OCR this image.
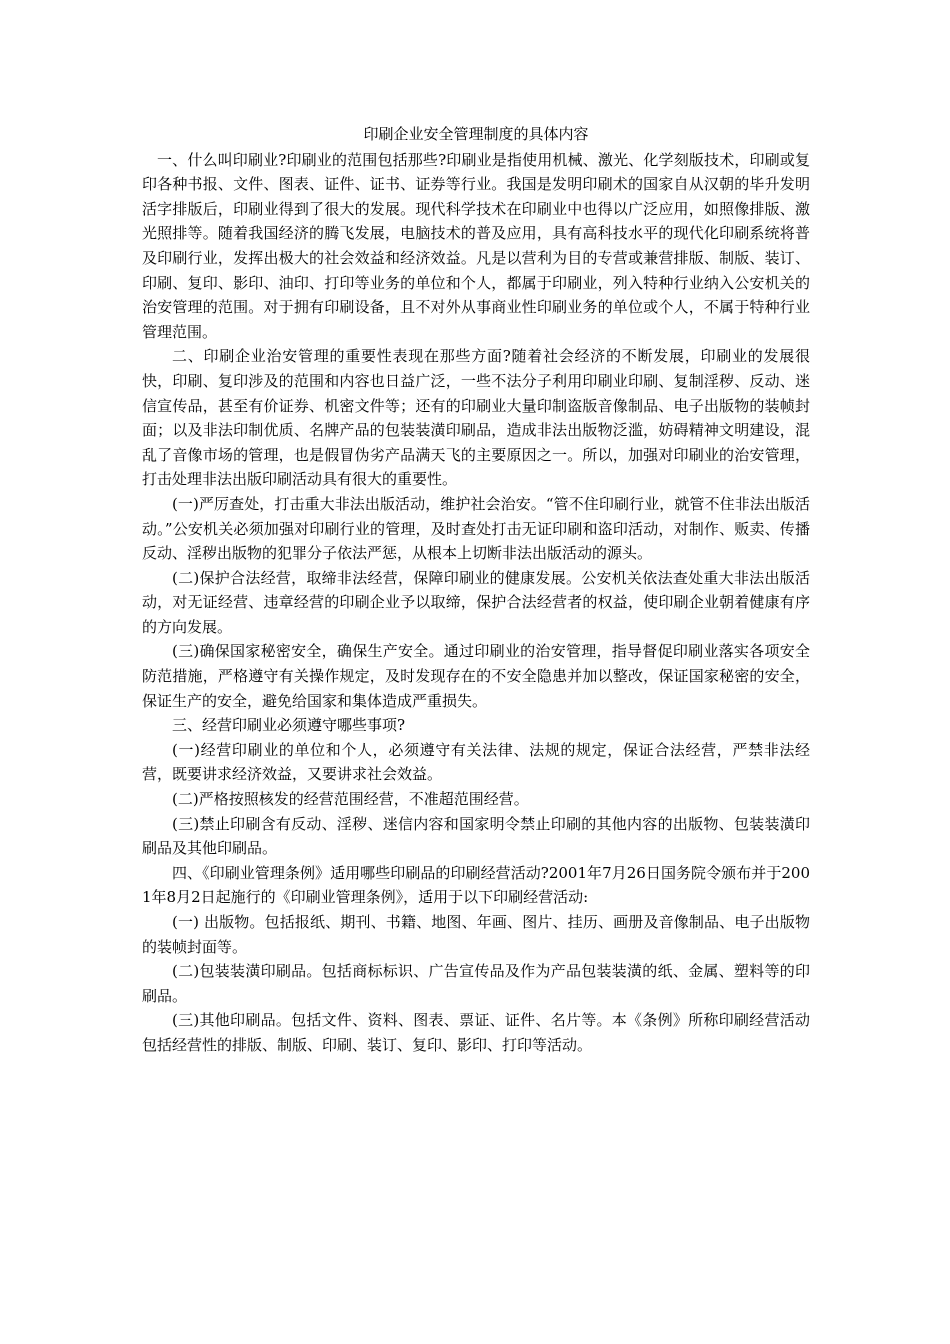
印刷企业安全管理制度的具体内容

一、什么叫印刷业?印刷业的范围包括那些?印刷业是指使用机械、激光、化学刻版技术，印刷或复印各种书报、文件、图表、证件、证书、证券等行业。我国是发明印刷术的国家自从汉朝的毕升发明活字排版后，印刷业得到了很大的发展。现代科学技术在印刷业中也得以广泛应用，如照像排版、激光照排等。随着我国经济的腾飞发展，电脑技术的普及应用，具有高科技水平的现代化印刷系统将普及印刷行业，发挥出极大的社会效益和经济效益。凡是以营利为目的专营或兼营排版、制版、装订、印刷、复印、影印、油印、打印等业务的单位和个人，都属于印刷业，列入特种行业纳入公安机关的治安管理的范围。对于拥有印刷设备，且不对外从事商业性印刷业务的单位或个人，不属于特种行业管理范围。

二、印刷企业治安管理的重要性表现在那些方面?随着社会经济的不断发展，印刷业的发展很快，印刷、复印涉及的范围和内容也日益广泛，一些不法分子利用印刷业印刷、复制淫秽、反动、迷信宣传品，甚至有价证券、机密文件等；还有的印刷业大量印制盗版音像制品、电子出版物的装帧封面；以及非法印制优质、名牌产品的包装装潢印刷品，造成非法出版物泛滥，妨碍精神文明建设，混乱了音像市场的管理，也是假冒伪劣产品满天飞的主要原因之一。所以，加强对印刷业的治安管理，打击处理非法出版印刷活动具有很大的重要性。

(一)严厉查处，打击重大非法出版活动，维护社会治安。“管不住印刷行业，就管不住非法出版活动。”公安机关必须加强对印刷行业的管理，及时查处打击无证印刷和盗印活动，对制作、贩卖、传播反动、淫秽出版物的犯罪分子依法严惩，从根本上切断非法出版活动的源头。

(二)保护合法经营，取缔非法经营，保障印刷业的健康发展。公安机关依法查处重大非法出版活动，对无证经营、违章经营的印刷企业予以取缔，保护合法经营者的权益，使印刷企业朝着健康有序的方向发展。

(三)确保国家秘密安全，确保生产安全。通过印刷业的治安管理，指导督促印刷业落实各项安全防范措施，严格遵守有关操作规定，及时发现存在的不安全隐患并加以整改，保证国家秘密的安全，保证生产的安全，避免给国家和集体造成严重损失。

三、经营印刷业必须遵守哪些事项?

(一)经营印刷业的单位和个人，必须遵守有关法律、法规的规定，保证合法经营，严禁非法经营，既要讲求经济效益，又要讲求社会效益。

(二)严格按照核发的经营范围经营，不准超范围经营。

(三)禁止印刷含有反动、淫秽、迷信内容和国家明令禁止印刷的其他内容的出版物、包装装潢印刷品及其他印刷品。

四、《印刷业管理条例》适用哪些印刷品的印刷经营活动?2001年7月26日国务院令颁布并于2001年8月2日起施行的《印刷业管理条例》，适用于以下印刷经营活动:

(一) 出版物。包括报纸、期刊、书籍、地图、年画、图片、挂历、画册及音像制品、电子出版物的装帧封面等。

(二)包装装潢印刷品。包括商标标识、广告宣传品及作为产品包装装潢的纸、金属、塑料等的印刷品。

(三)其他印刷品。包括文件、资料、图表、票证、证件、名片等。本《条例》所称印刷经营活动包括经营性的排版、制版、印刷、装订、复印、影印、打印等活动。
